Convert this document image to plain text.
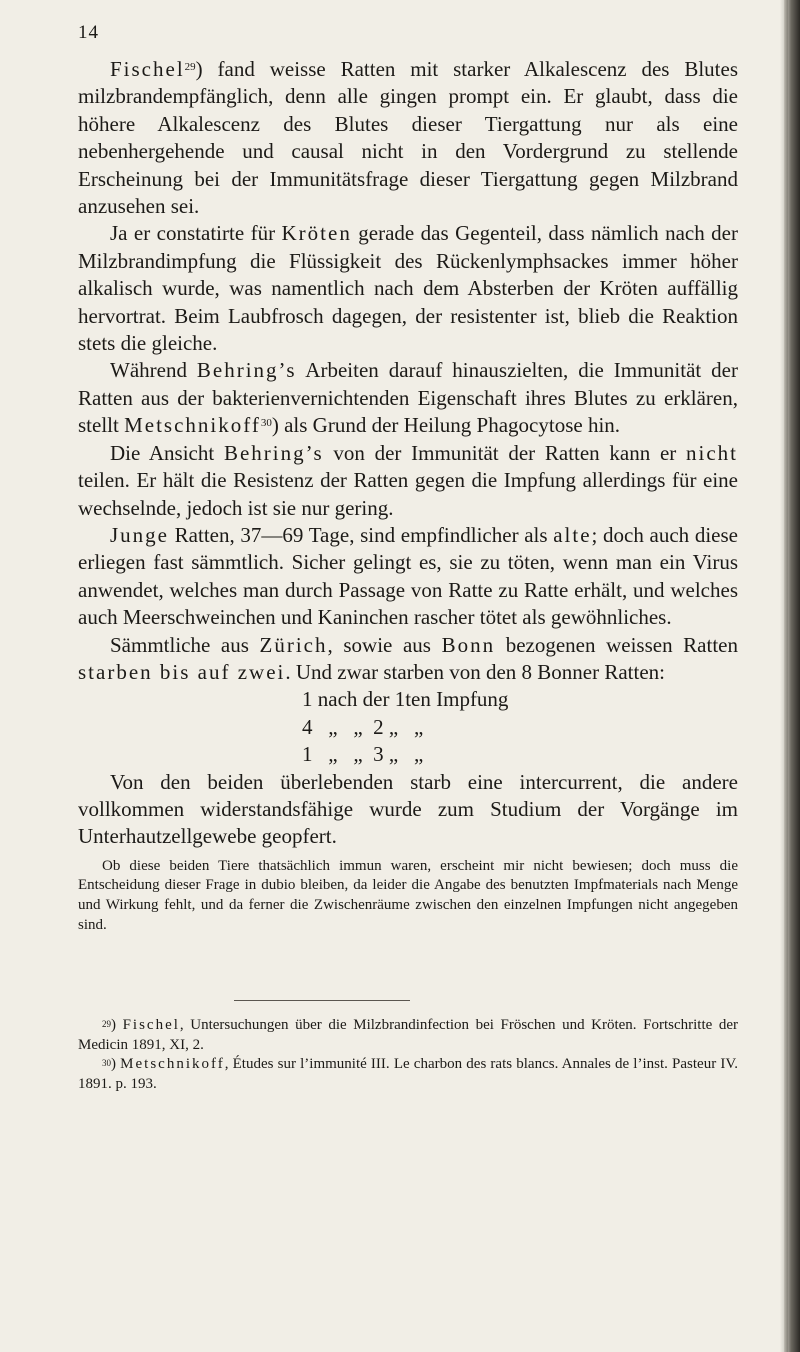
14

Fischel$^{29}$) fand weisse Ratten mit starker Alkalescenz des Blutes milzbrandempfänglich, denn alle gingen prompt ein. Er glaubt, dass die höhere Alkalescenz des Blutes dieser Tiergattung nur als eine nebenhergehende und causal nicht in den Vordergrund zu stellende Erscheinung bei der Immunitätsfrage dieser Tiergattung gegen Milzbrand anzusehen sei.

Ja er constatirte für Kröten gerade das Gegenteil, dass nämlich nach der Milzbrandimpfung die Flüssigkeit des Rückenlymphsackes immer höher alkalisch wurde, was namentlich nach dem Absterben der Kröten auffällig hervortrat. Beim Laubfrosch dagegen, der resistenter ist, blieb die Reaktion stets die gleiche.

Während Behring’s Arbeiten darauf hinauszielten, die Immunität der Ratten aus der bakterienvernichtenden Eigenschaft ihres Blutes zu erklären, stellt Metschnikoff$^{30}$) als Grund der Heilung Phagocytose hin.

Die Ansicht Behring’s von der Immunität der Ratten kann er nicht teilen. Er hält die Resistenz der Ratten gegen die Impfung allerdings für eine wechselnde, jedoch ist sie nur gering.

Junge Ratten, 37—69 Tage, sind empfindlicher als alte; doch auch diese erliegen fast sämmtlich. Sicher gelingt es, sie zu töten, wenn man ein Virus anwendet, welches man durch Passage von Ratte zu Ratte erhält, und welches auch Meerschweinchen und Kaninchen rascher tötet als gewöhnliches.

Sämmtliche aus Zürich, sowie aus Bonn bezogenen weissen Ratten starben bis auf zwei. Und zwar starben von den 8 Bonner Ratten:

1 nach der 1ten Impfung
4   „   „  2 „   „
1   „   „  3 „   „

Von den beiden überlebenden starb eine intercurrent, die andere vollkommen widerstandsfähige wurde zum Studium der Vorgänge im Unterhautzellgewebe geopfert.

Ob diese beiden Tiere thatsächlich immun waren, erscheint mir nicht bewiesen; doch muss die Entscheidung dieser Frage in dubio bleiben, da leider die Angabe des benutzten Impfmaterials nach Menge und Wirkung fehlt, und da ferner die Zwischenräume zwischen den einzelnen Impfungen nicht angegeben sind.

$^{29}$) Fischel, Untersuchungen über die Milzbrandinfection bei Fröschen und Kröten. Fortschritte der Medicin 1891, XI, 2.

$^{30}$) Metschnikoff, Études sur l’immunité III. Le charbon des rats blancs. Annales de l’inst. Pasteur IV. 1891. p. 193.
